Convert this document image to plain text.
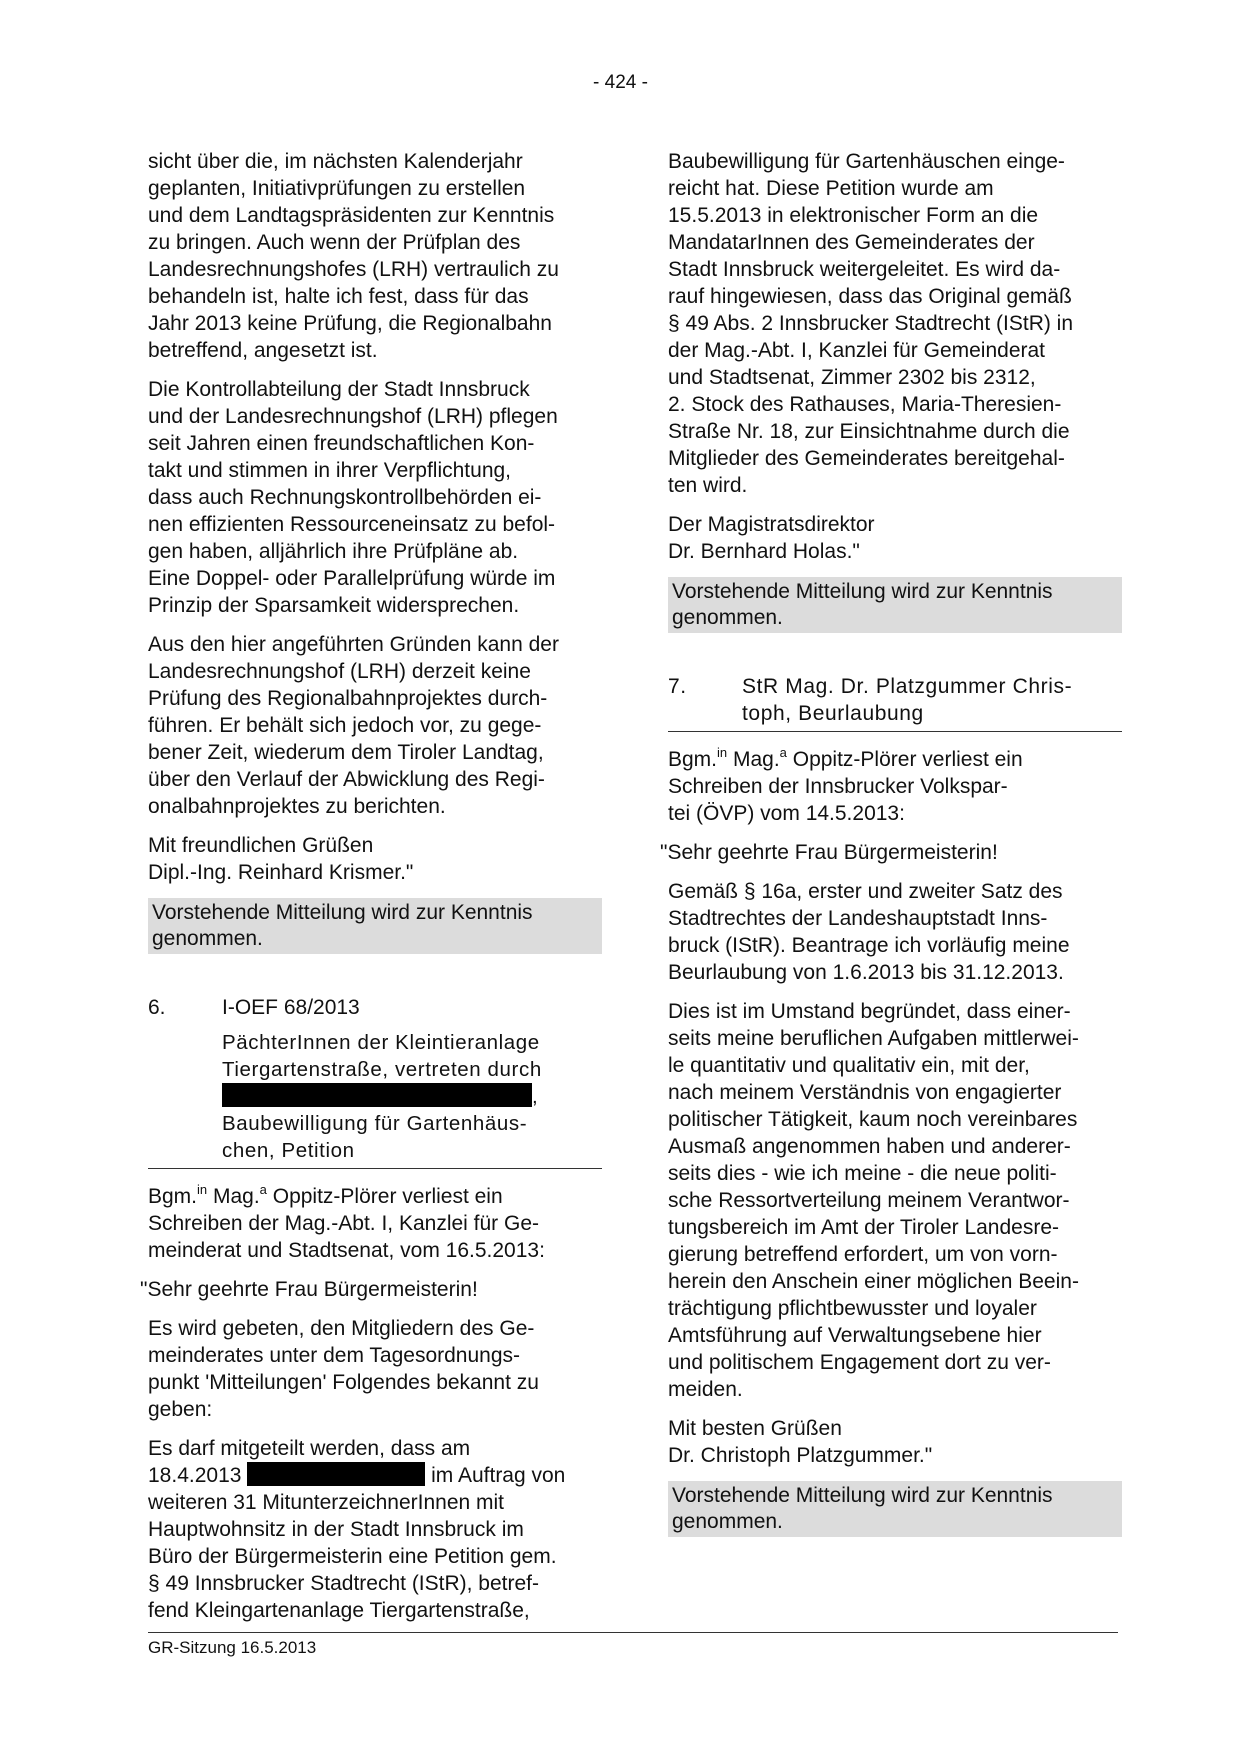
- 424 -

sicht über die, im nächsten Kalenderjahr
geplanten, Initiativprüfungen zu erstellen
und dem Landtagspräsidenten zur Kenntnis
zu bringen. Auch wenn der Prüfplan des
Landesrechnungshofes (LRH) vertraulich zu
behandeln ist, halte ich fest, dass für das
Jahr 2013 keine Prüfung, die Regionalbahn
betreffend, angesetzt ist.

Die Kontrollabteilung der Stadt Innsbruck
und der Landesrechnungshof (LRH) pflegen
seit Jahren einen freundschaftlichen Kon-
takt und stimmen in ihrer Verpflichtung,
dass auch Rechnungskontrollbehörden ei-
nen effizienten Ressourceneinsatz zu befol-
gen haben, alljährlich ihre Prüfpläne ab.
Eine Doppel- oder Parallelprüfung würde im
Prinzip der Sparsamkeit widersprechen.

Aus den hier angeführten Gründen kann der
Landesrechnungshof (LRH) derzeit keine
Prüfung des Regionalbahnprojektes durch-
führen. Er behält sich jedoch vor, zu gege-
bener Zeit, wiederum dem Tiroler Landtag,
über den Verlauf der Abwicklung des Regi-
onalbahnprojektes zu berichten.

Mit freundlichen Grüßen
Dipl.-Ing. Reinhard Krismer."

Vorstehende Mitteilung wird zur Kenntnis
genommen.
6.	I-OEF 68/2013
PächterInnen der Kleintieranlage
Tiergartenstraße, vertreten durch
,
Baubewilligung für Gartenhäus-
chen, Petition

Bgm.$^{in}$ Mag.$^a$ Oppitz-Plörer verliest ein
Schreiben der Mag.-Abt. I, Kanzlei für Ge-
meinderat und Stadtsenat, vom 16.5.2013:

"Sehr geehrte Frau Bürgermeisterin!

Es wird gebeten, den Mitgliedern des Ge-
meinderates unter dem Tagesordnungs-
punkt 'Mitteilungen' Folgendes bekannt zu
geben:

Es darf mitgeteilt werden, dass am
18.4.2013	im Auftrag von
weiteren 31 MitunterzeichnerInnen mit
Hauptwohnsitz in der Stadt Innsbruck im
Büro der Bürgermeisterin eine Petition gem.
§ 49 Innsbrucker Stadtrecht (IStR), betref-
fend Kleingartenanlage Tiergartenstraße,

Baubewilligung für Gartenhäuschen einge-
reicht hat. Diese Petition wurde am
15.5.2013 in elektronischer Form an die
MandatarInnen des Gemeinderates der
Stadt Innsbruck weitergeleitet. Es wird da-
rauf hingewiesen, dass das Original gemäß
§ 49 Abs. 2 Innsbrucker Stadtrecht (IStR) in
der Mag.-Abt. I, Kanzlei für Gemeinderat
und Stadtsenat, Zimmer 2302 bis 2312,
2. Stock des Rathauses, Maria-Theresien-
Straße Nr. 18, zur Einsichtnahme durch die
Mitglieder des Gemeinderates bereitgehal-
ten wird.

Der Magistratsdirektor
Dr. Bernhard Holas."

Vorstehende Mitteilung wird zur Kenntnis
genommen.
7.	StR Mag. Dr. Platzgummer Chris-
toph, Beurlaubung

Bgm.$^{in}$ Mag.$^a$ Oppitz-Plörer verliest ein
Schreiben der Innsbrucker Volkspar-
tei (ÖVP) vom 14.5.2013:

"Sehr geehrte Frau Bürgermeisterin!

Gemäß § 16a, erster und zweiter Satz des
Stadtrechtes der Landeshauptstadt Inns-
bruck (IStR). Beantrage ich vorläufig meine
Beurlaubung von 1.6.2013 bis 31.12.2013.

Dies ist im Umstand begründet, dass einer-
seits meine beruflichen Aufgaben mittlerwei-
le quantitativ und qualitativ ein, mit der,
nach meinem Verständnis von engagierter
politischer Tätigkeit, kaum noch vereinbares
Ausmaß angenommen haben und anderer-
seits dies - wie ich meine - die neue politi-
sche Ressortverteilung meinem Verantwor-
tungsbereich im Amt der Tiroler Landesre-
gierung betreffend erfordert, um von vorn-
herein den Anschein einer möglichen Beein-
trächtigung pflichtbewusster und loyaler
Amtsführung auf Verwaltungsebene hier
und politischem Engagement dort zu ver-
meiden.

Mit besten Grüßen
Dr. Christoph Platzgummer."

Vorstehende Mitteilung wird zur Kenntnis
genommen.
GR-Sitzung 16.5.2013
